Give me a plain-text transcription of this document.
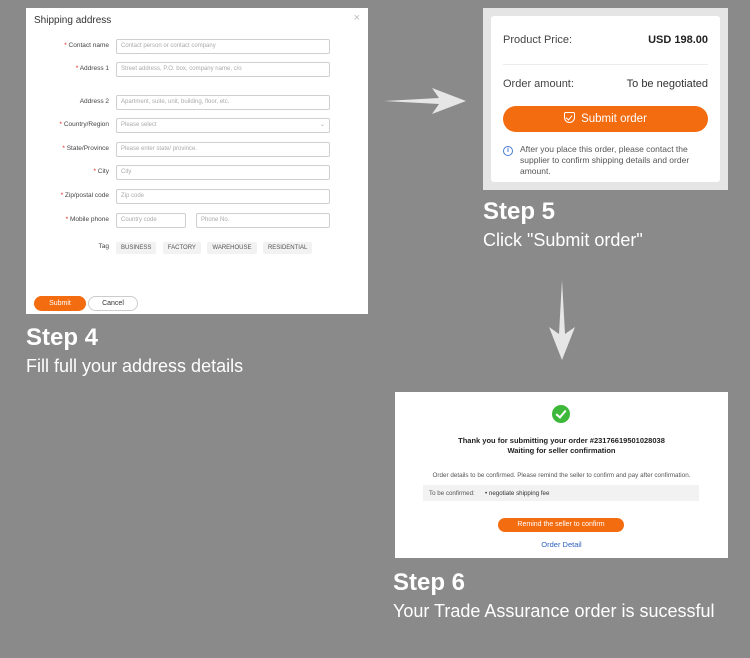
Shipping address	×
* Contact name	Contact person or contact company
* Address 1	Street address, P.O. box, company name, c/o
Address 2	Apartment, suite, unit, building, floor, etc.
* Country/Region	Please select	⌄
* State/Province	Please enter state/ province.
* City	City
* Zip/postal code	Zip code
* Mobile phone	Country code	Phone No.
Tag	BUSINESS	FACTORY	WAREHOUSE	RESIDENTIAL
Submit	Cancel
Step 4
Fill full your address details
Product Price:	USD 198.00
Order amount:	To be negotiated
Submit order
i	After you place this order, please contact the supplier to confirm shipping details and order amount.
Step 5
Click "Submit order"
Thank you for submitting your order #23176619501028038
Waiting for seller confirmation
Order details to be confirmed. Please remind the seller to confirm and pay after confirmation.
To be confirmed: • negotiate shipping fee
Remind the seller to confirm
Order Detail
Step 6
Your Trade Assurance order is sucessful
